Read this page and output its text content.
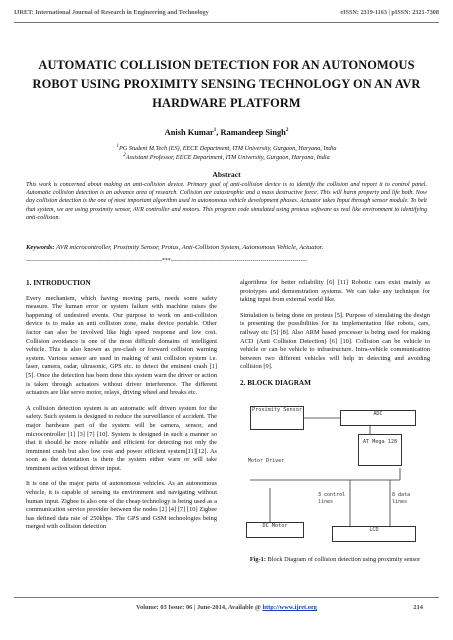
IJRET: International Journal of Research in Engineering and Technology	eISSN: 2319-1163 | pISSN: 2321-7308
AUTOMATIC COLLISION DETECTION FOR AN AUTONOMOUS
ROBOT USING PROXIMITY SENSING TECHNOLOGY ON AN AVR
HARDWARE PLATFORM
Anish Kumar$^1$, Ramandeep Singh$^2$
$^1$PG Student M.Tech (ES), EECE Department, ITM University, Gurgaon, Haryana, India
$^2$Assistant Professor, EECE Department, ITM University, Gurgaon, Haryana, India
Abstract
This work is concerned about making an anti-collision device. Primary goal of anti-collision device is to identify the collision and report it to control panel. Automatic collision detection is an advance area of research. Collision are catastrophic and a mass destructive force. This will harm property and life both. Now day collision detection is the one of most important algorithm used in autonomous vehicle development phases. Actuator takes Input through sensor module. To belt that system, we are using proximity sensor, AVR controller and motors. This program code simulated using proteus software as real like environment to identifying anti-collision.
Keywords: AVR microcontroller, Proximity Sensor, Protus, Anti-Collision System, Autonomous Vehicle, Actuator.
--------------------------------------------------------------------***--------------------------------------------------------------------
1. INTRODUCTION

Every mechanism, which having moving parts, needs some safety measure. The human error or system failure with machine raises the happening of undesired events. Our purpose to work on anti-collision device is to make an anti collision zone, make device portable. Other factor can also be involved like high speed response and low cost. Collision avoidance is one of the most difficult domains of intelligent vehicle. This is also known as pre-clash or forward collision warning system. Various sensor are used in making of anti collision system i.e. laser, camera, radar, ultrasonic, GPS etc. to detect the eminent crash [1] [5]. Once the detection has been done this system warn the driver or action is taken through actuators without driver interference. The different actuators are like servo motor, relays, driving wheel and breaks etc.

A collision detection system is an automatic self driven system for the safety. Such system is designed to reduce the surveillance of accident. The major hardware part of the system will be camera, sensor, and microcontroller [1] [3] [7] [10]. System is designed in such a manner so that it should be more reliable and efficient for detecting not only the imminent crash but also low cost and power efficient system[11][12]. As soon as the detestation is there the system either warn or will take imminent action without driver input.

It is one of the major parts of autonomous vehicles. As an autonomous vehicle, it is capable of sensing its environment and navigating without human input. Zigbee is also one of the cheap technology is being used as a communication service provider between the nodes [2] [4] [7] [10] Zigbee has defined data rate of 250kbps. The GPS and GSM technologies being merged with collision detection

algorithms for better reliability [6] [11] Robotic cars exist mainly as prototypes and demonstration systems. We can take any technique for taking input from external world like.

Simulation is being done on proteus [5]. Purpose of simulating the design is presenting the possibilities for its implementation like robots, cars, railway etc [5] [8]. Also ARM based processer is being used for making ACD (Anti Collision Detection) [6] [10]. Collision can be vehicle to vehicle or can be vehicle to infrastructure. Intra-vehicle communication between two different vehicles will help in detecting and avoiding collision [9].

2. BLOCK DIAGRAM
Proximity Sensor
ADC
AT Mega 128
Motor Driver
3 control lines
8 data lines
DC Motor
LCD
Fig-1: Block Diagram of collision detection using proximity sensor
Volume: 03 Issue: 06 | June-2014, Available @ http://www.ijret.org	214
